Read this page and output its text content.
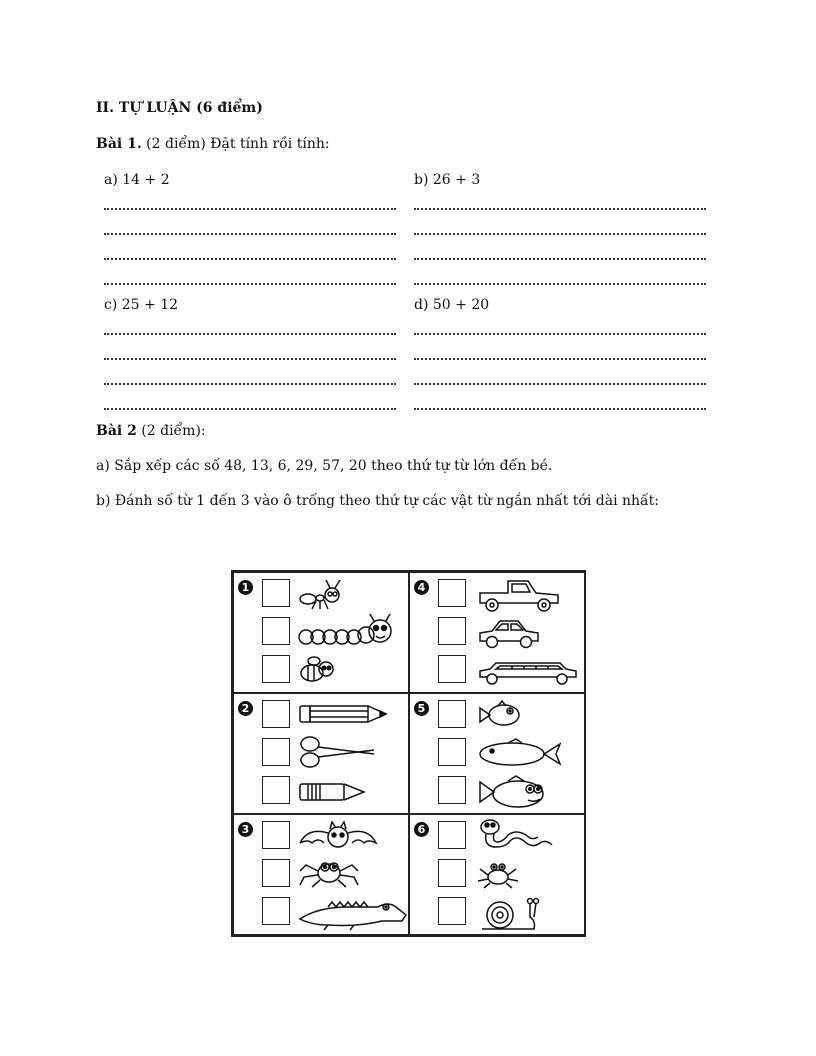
II. TỰ LUẬN (6 điểm)
Bài 1. (2 điểm) Đặt tính rồi tính:
a) 14 + 2	b) 26 + 3
c) 25 + 12	d) 50 + 20
Bài 2 (2 điểm):
a) Sắp xếp các số 48, 13, 6, 29, 57, 20 theo thứ tự từ lớn đến bé.
b) Đánh số từ 1 đến 3 vào ô trống theo thứ tự các vật từ ngắn nhất tới dài nhất:
1	4
2	5
3	6
